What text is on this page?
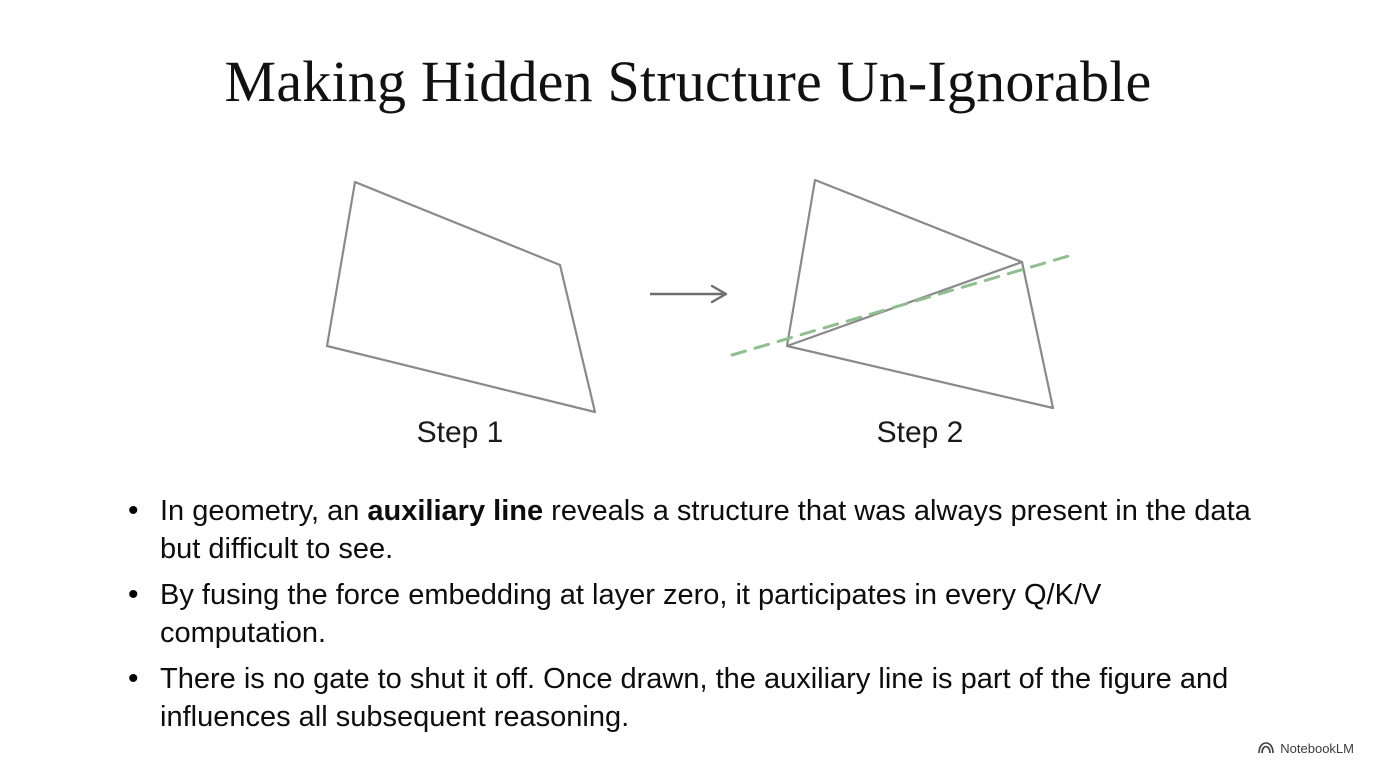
Making Hidden Structure Un-Ignorable
Step 1	Step 2
• In geometry, an auxiliary line reveals a structure that was always present in the data but difficult to see.
• By fusing the force embedding at layer zero, it participates in every Q/K/V computation.
• There is no gate to shut it off. Once drawn, the auxiliary line is part of the figure and influences all subsequent reasoning.
NotebookLM
